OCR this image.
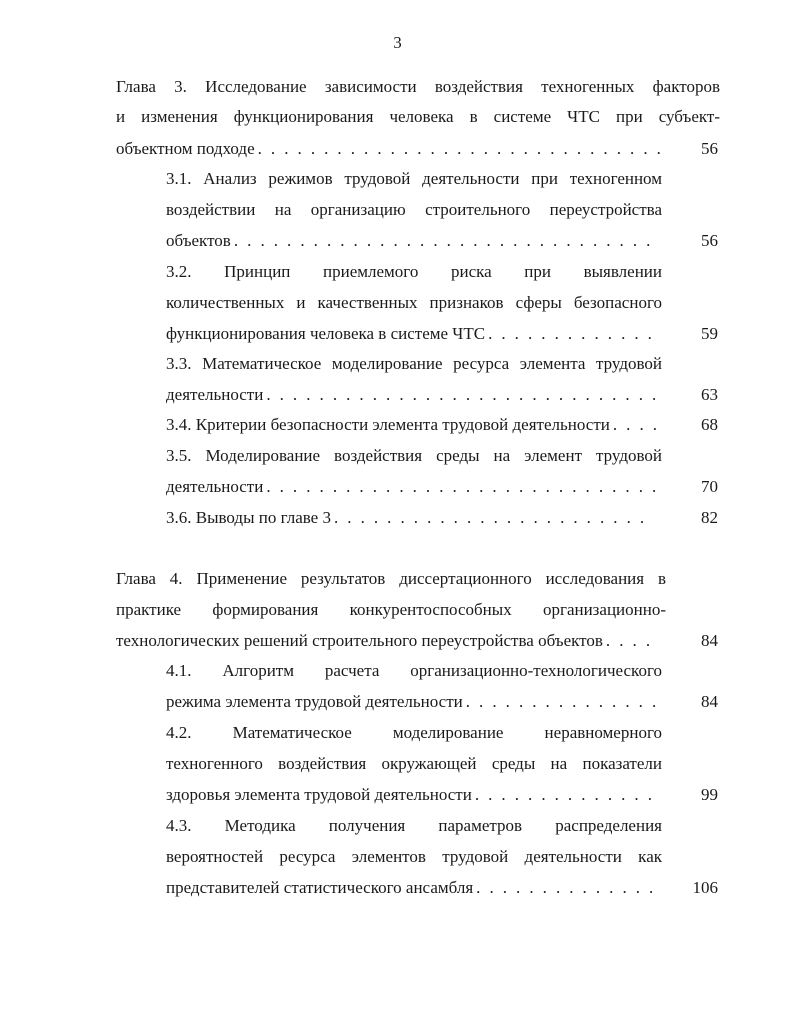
3
Глава 3. Исследование зависимости воздействия техногенных факторов
и изменения функционирования человека в системе ЧТС при субъект-
объектном подходе . . .	56
3.1. Анализ режимов трудовой деятельности при техногенном
воздействии на организацию строительного переустройства
объектов . . .	56
3.2. Принцип приемлемого риска при выявлении
количественных и качественных признаков сферы безопасного
функционирования человека в системе ЧТС . . .	59
3.3. Математическое моделирование ресурса элемента трудовой
деятельности . . .	63
3.4. Критерии безопасности элемента трудовой деятельности . . .	68
3.5. Моделирование воздействия среды на элемент трудовой
деятельности . . .	70
3.6. Выводы по главе 3 . . .	82
Глава 4. Применение результатов диссертационного исследования в
практике формирования конкурентоспособных организационно-
технологических решений строительного переустройства объектов . . .	84
4.1. Алгоритм расчета организационно-технологического
режима элемента трудовой деятельности . . .	84
4.2. Математическое моделирование неравномерного
техногенного воздействия окружающей среды на показатели
здоровья элемента трудовой деятельности . . .	99
4.3. Методика получения параметров распределения
вероятностей ресурса элементов трудовой деятельности как
представителей статистического ансамбля . . .	106
